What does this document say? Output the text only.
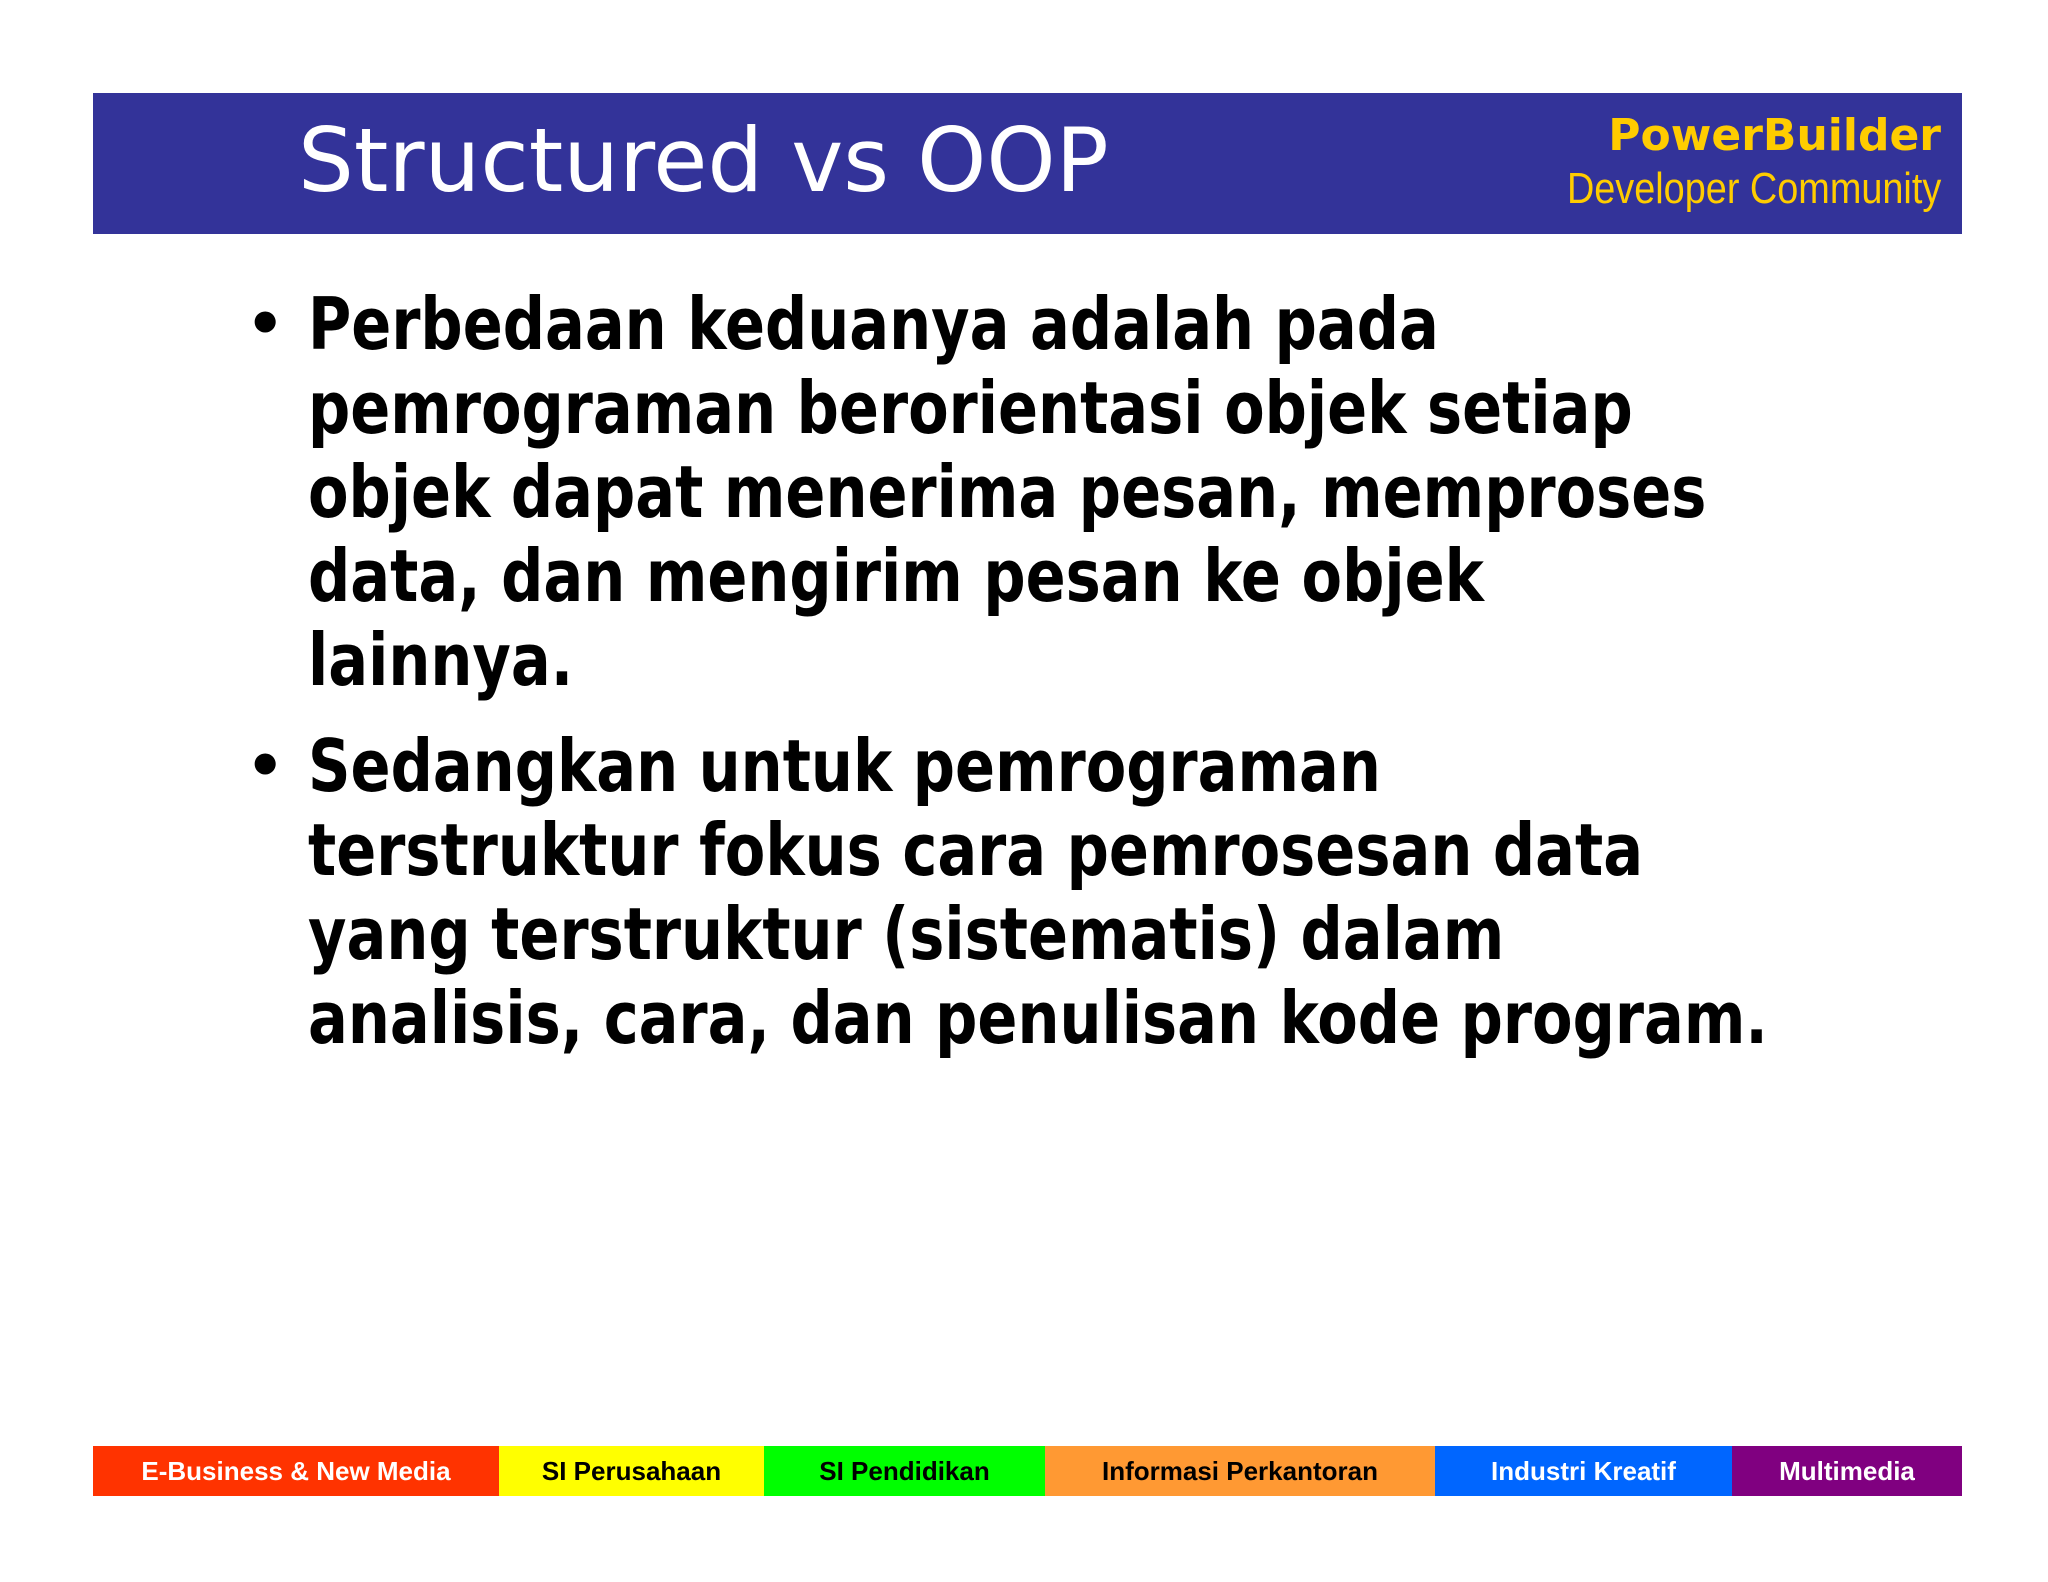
Structured vs OOP	PowerBuilder
Developer Community
• Perbedaan keduanya adalah pada
pemrograman berorientasi objek setiap
objek dapat menerima pesan, memproses
data, dan mengirim pesan ke objek
lainnya.
• Sedangkan untuk pemrograman
terstruktur fokus cara pemrosesan data
yang terstruktur (sistematis) dalam
analisis, cara, dan penulisan kode program.
E-Business & New Media	SI Perusahaan	SI Pendidikan	Informasi Perkantoran	Industri Kreatif	Multimedia
